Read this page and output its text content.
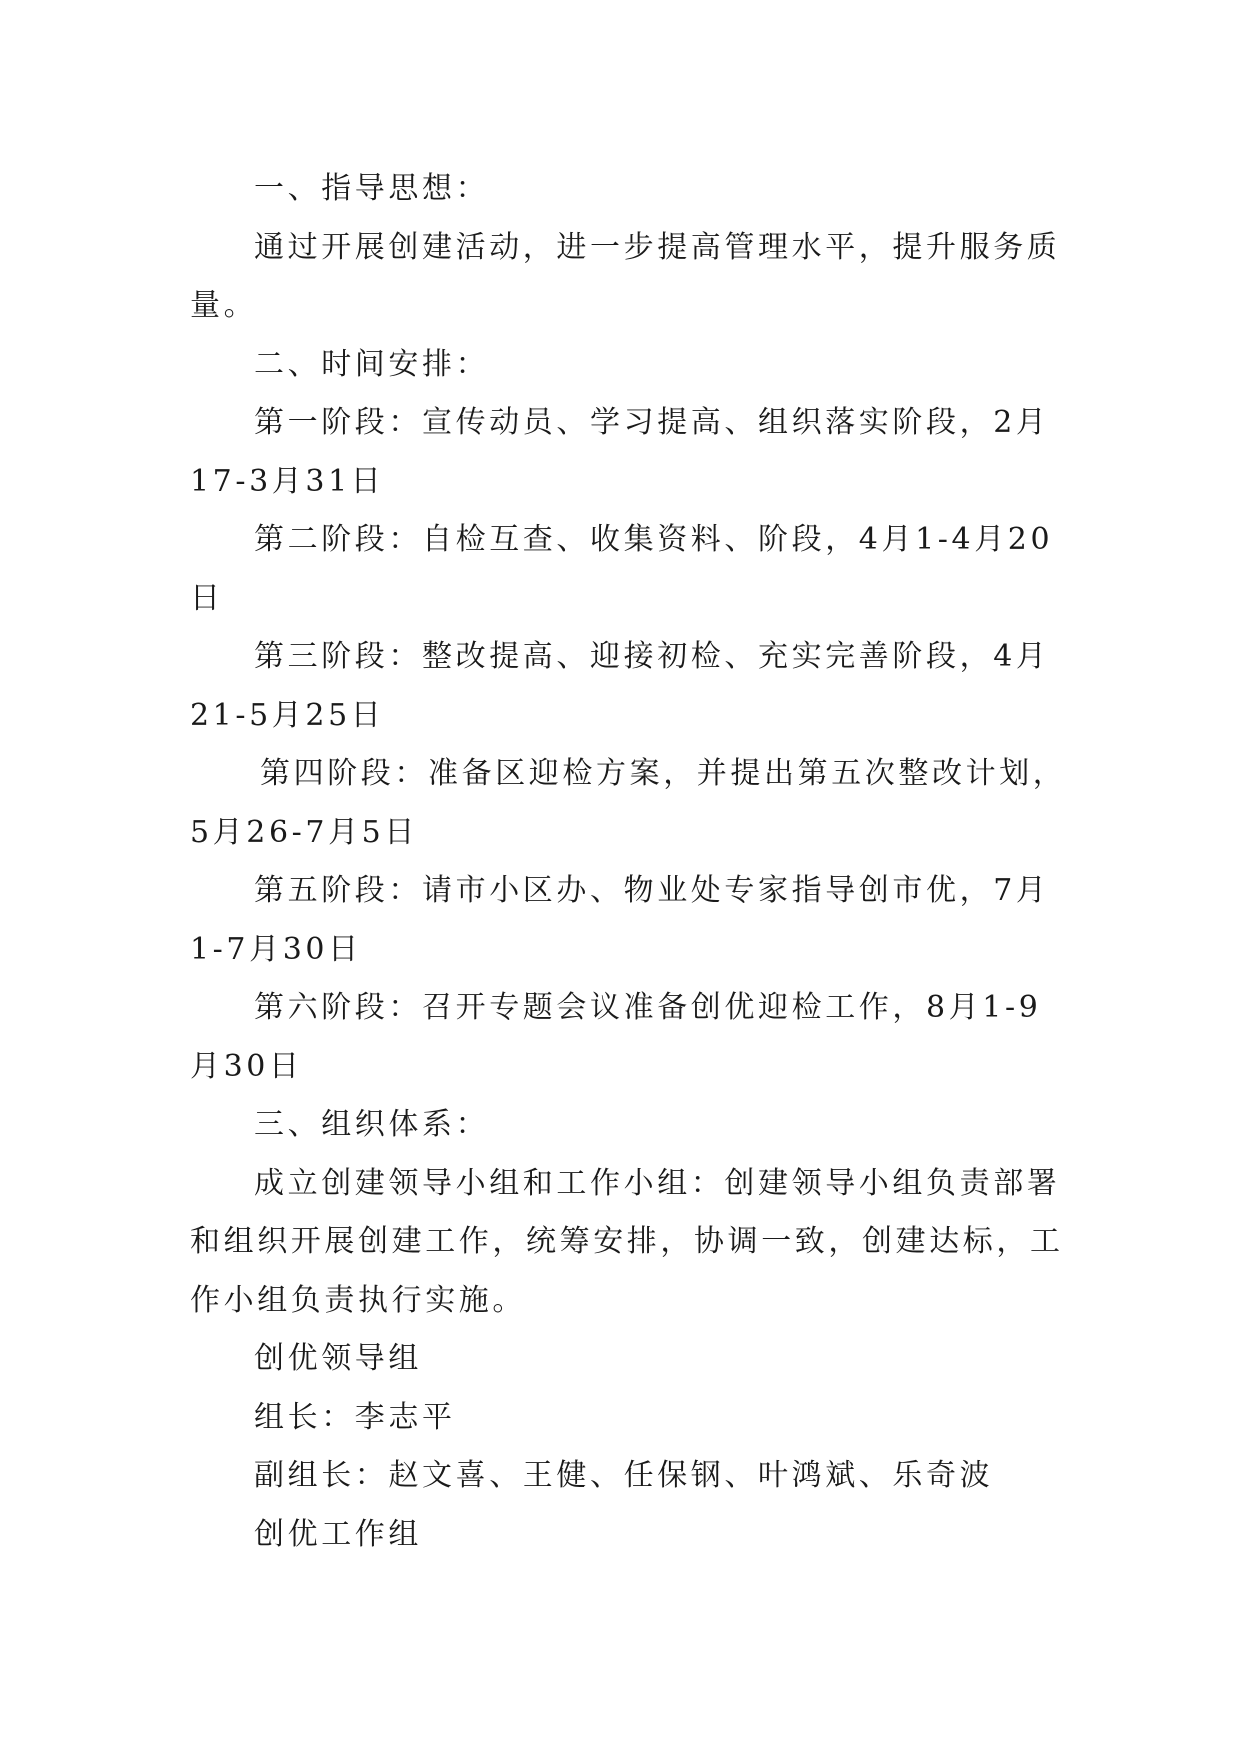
一、指导思想：

通过开展创建活动，进一步提高管理水平，提升服务质量。

二、时间安排：

第一阶段：宣传动员、学习提高、组织落实阶段，2月17-3月31日

第二阶段：自检互查、收集资料、阶段，4月1-4月20日

第三阶段：整改提高、迎接初检、充实完善阶段，4月21-5月25日

第四阶段：准备区迎检方案，并提出第五次整改计划，5月26-7月5日

第五阶段：请市小区办、物业处专家指导创市优，7月1-7月30日

第六阶段：召开专题会议准备创优迎检工作，8月1-9月30日

三、组织体系：

成立创建领导小组和工作小组：创建领导小组负责部署和组织开展创建工作，统筹安排，协调一致，创建达标，工作小组负责执行实施。

创优领导组

组长：李志平

副组长：赵文喜、王健、任保钢、叶鸿斌、乐奇波

创优工作组
